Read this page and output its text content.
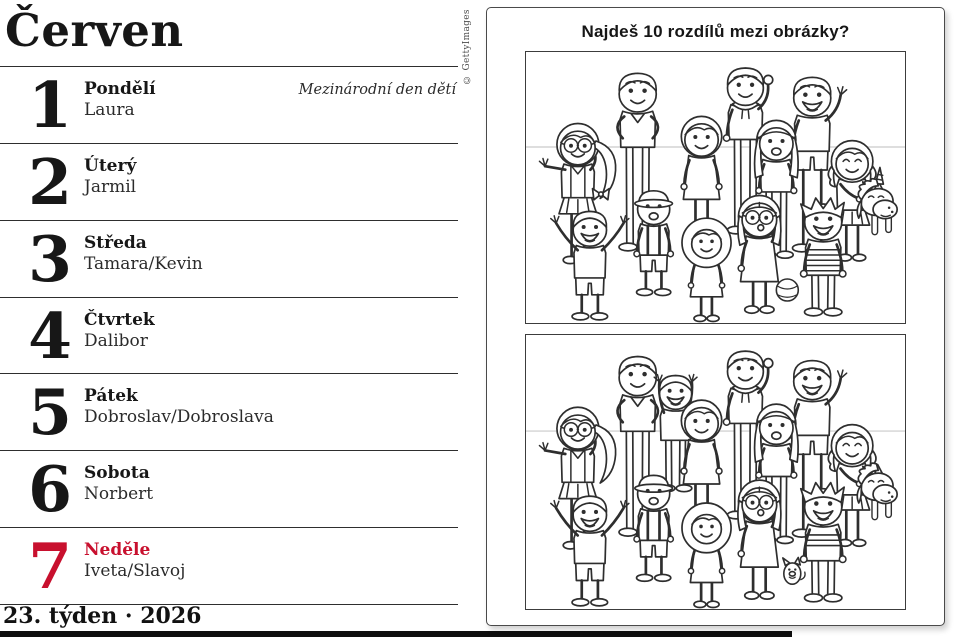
Červen
1 Pondělí
Laura
Mezinárodní den dětí
2 Úterý
Jarmil
3 Středa
Tamara/Kevin
4 Čtvrtek
Dalibor
5 Pátek
Dobroslav/Dobroslava
6 Sobota
Norbert
7 Neděle
Iveta/Slavoj
23. týden · 2026
© GettyImages	Najdeš 10 rozdílů mezi obrázky?
